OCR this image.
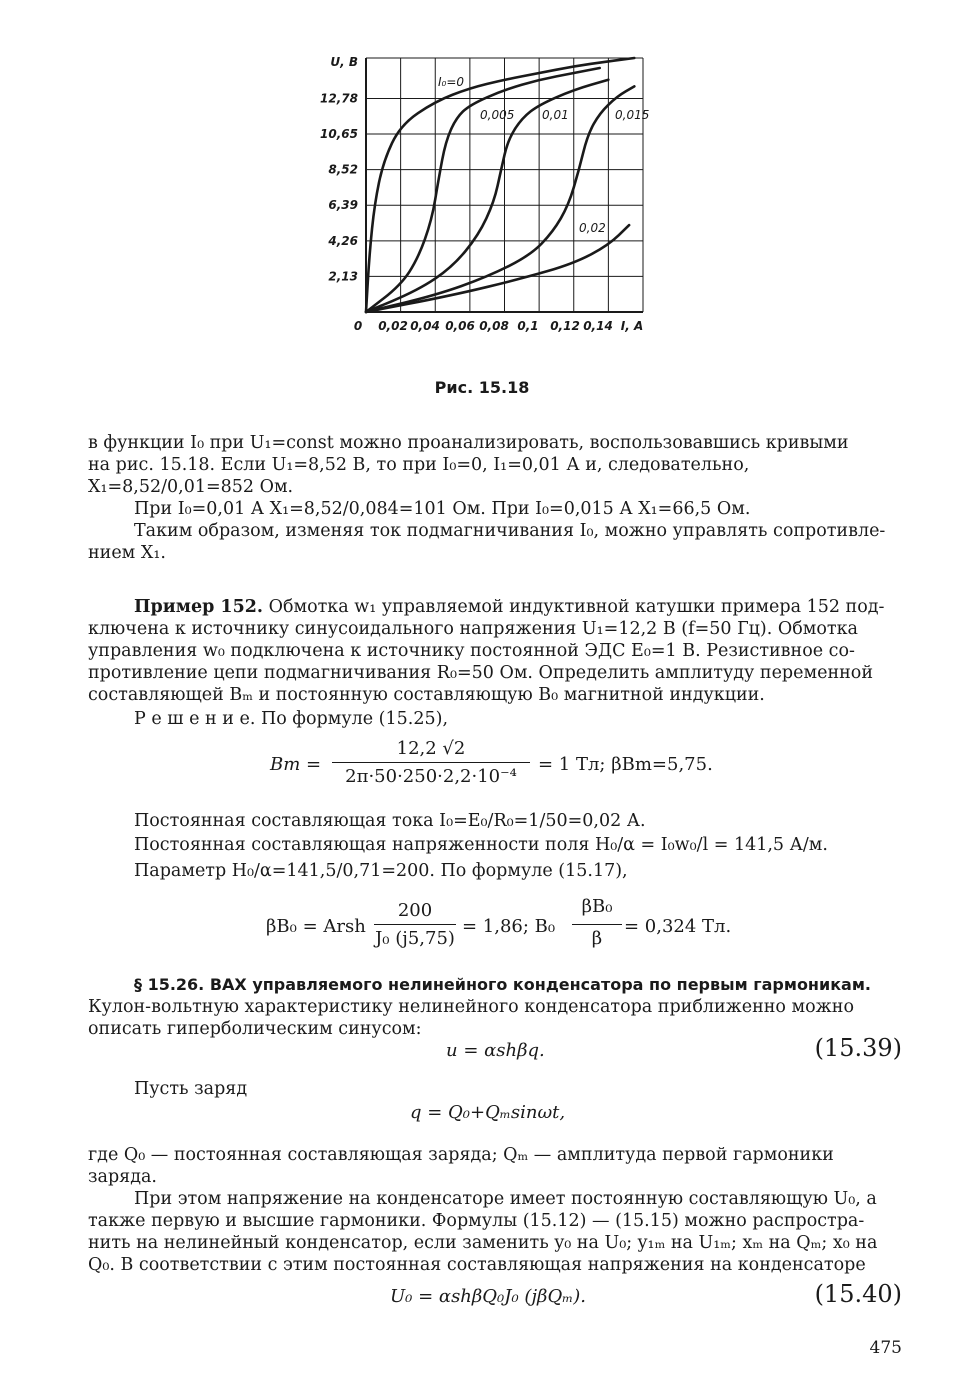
0 0,02 0,04 0,06 0,08 0,1 0,12 0,14 I, A
2,13
4,26
6,39
8,52
10,65
12,78
U, B
I₀=0
0,005 0,01	0,015
0,02
Рис. 15.18
в функции I₀ при U₁=const можно проанализировать, воспользовавшись кривыми
на рис. 15.18. Если U₁=8,52 В, то при I₀=0, I₁=0,01 А и, следовательно,
X₁=8,52/0,01=852 Ом.
При I₀=0,01 А X₁=8,52/0,084=101 Ом. При I₀=0,015 А X₁=66,5 Ом.
Таким образом, изменяя ток подмагничивания I₀, можно управлять сопротивле-
нием X₁.
Пример 152. Обмотка w₁ управляемой индуктивной катушки примера 152 под-
ключена к источнику синусоидального напряжения U₁=12,2 В (f=50 Гц). Обмотка
управления w₀ подключена к источнику постоянной ЭДС E₀=1 В. Резистивное со-
противление цепи подмагничивания R₀=50 Ом. Определить амплитуду переменной
составляющей Bₘ и постоянную составляющую B₀ магнитной индукции.
Р е ш е н и е. По формуле (15.25),
Bm =
12,2 √2
2π·50·250·2,2·10⁻⁴
= 1 Тл; βBm=5,75.
Постоянная составляющая тока I₀=E₀/R₀=1/50=0,02 А.
Постоянная составляющая напряженности поля H₀/α = I₀w₀/l = 141,5 А/м.
Параметр H₀/α=141,5/0,71=200. По формуле (15.17),
βB₀ = Arsh
200
J₀ (j5,75)
= 1,86; B₀
βB₀
β
= 0,324 Тл.
§ 15.26. ВАХ управляемого нелинейного конденсатора по первым гармоникам.
Кулон-вольтную характеристику нелинейного конденсатора приближенно можно
описать гиперболическим синусом:
u = αshβq.	(15.39)
Пусть заряд
q = Q₀+Qₘsinωt,
где Q₀ — постоянная составляющая заряда; Qₘ — амплитуда первой гармоники
заряда.
При этом напряжение на конденсаторе имеет постоянную составляющую U₀, а
также первую и высшие гармоники. Формулы (15.12) — (15.15) можно распростра-
нить на нелинейный конденсатор, если заменить y₀ на U₀; y₁ₘ на U₁ₘ; xₘ на Qₘ; x₀ на
Q₀. В соответствии с этим постоянная составляющая напряжения на конденсаторе
U₀ = αshβQ₀J₀ (jβQₘ).	(15.40)
475
